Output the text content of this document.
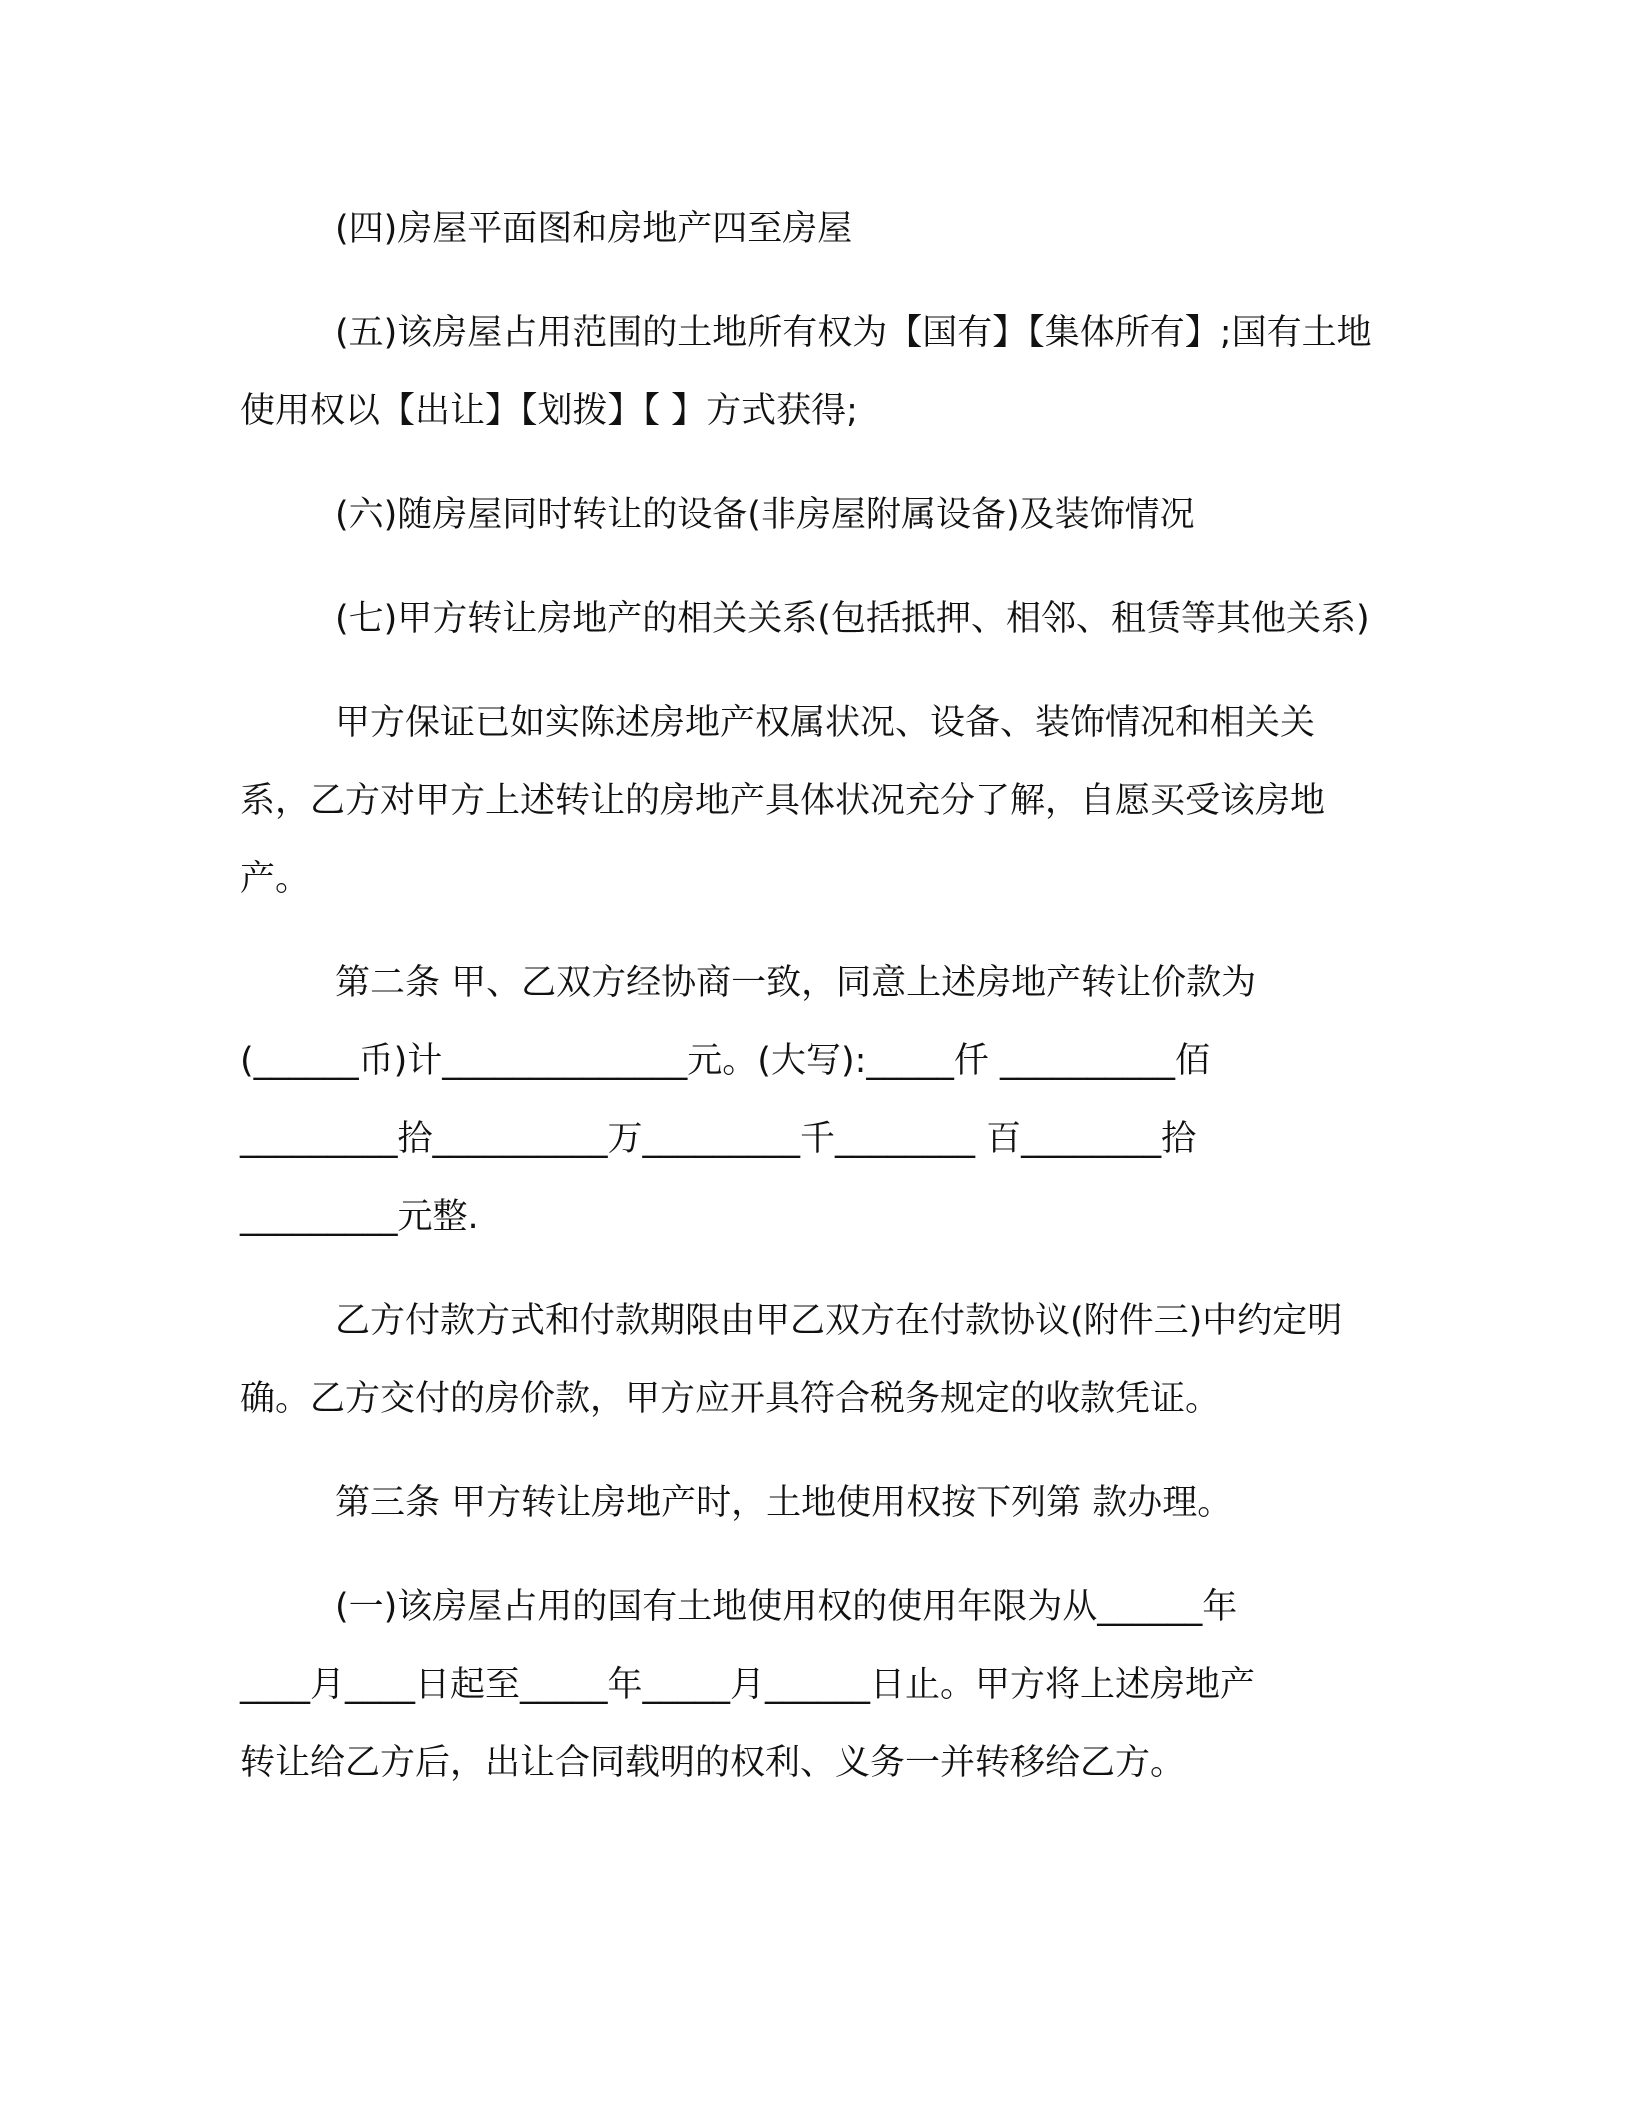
(四)房屋平面图和房地产四至房屋

(五)该房屋占用范围的土地所有权为【国有】【集体所有】;国有土地使用权以【出让】【划拨】【 】方式获得;

(六)随房屋同时转让的设备(非房屋附属设备)及装饰情况

(七)甲方转让房地产的相关关系(包括抵押、相邻、租赁等其他关系)

甲方保证已如实陈述房地产权属状况、设备、装饰情况和相关关系，乙方对甲方上述转让的房地产具体状况充分了解，自愿买受该房地产。

第二条 甲、乙双方经协商一致，同意上述房地产转让价款为

(______币)计______________元。(大写):_____仟 __________佰
_________拾__________万_________千________ 百________拾
_________元整.

乙方付款方式和付款期限由甲乙双方在付款协议(附件三)中约定明确。乙方交付的房价款，甲方应开具符合税务规定的收款凭证。

第三条 甲方转让房地产时，土地使用权按下列第 款办理。

(一)该房屋占用的国有土地使用权的使用年限为从______年
____月____日起至_____年_____月______日止。甲方将上述房地产
转让给乙方后，出让合同载明的权利、义务一并转移给乙方。
